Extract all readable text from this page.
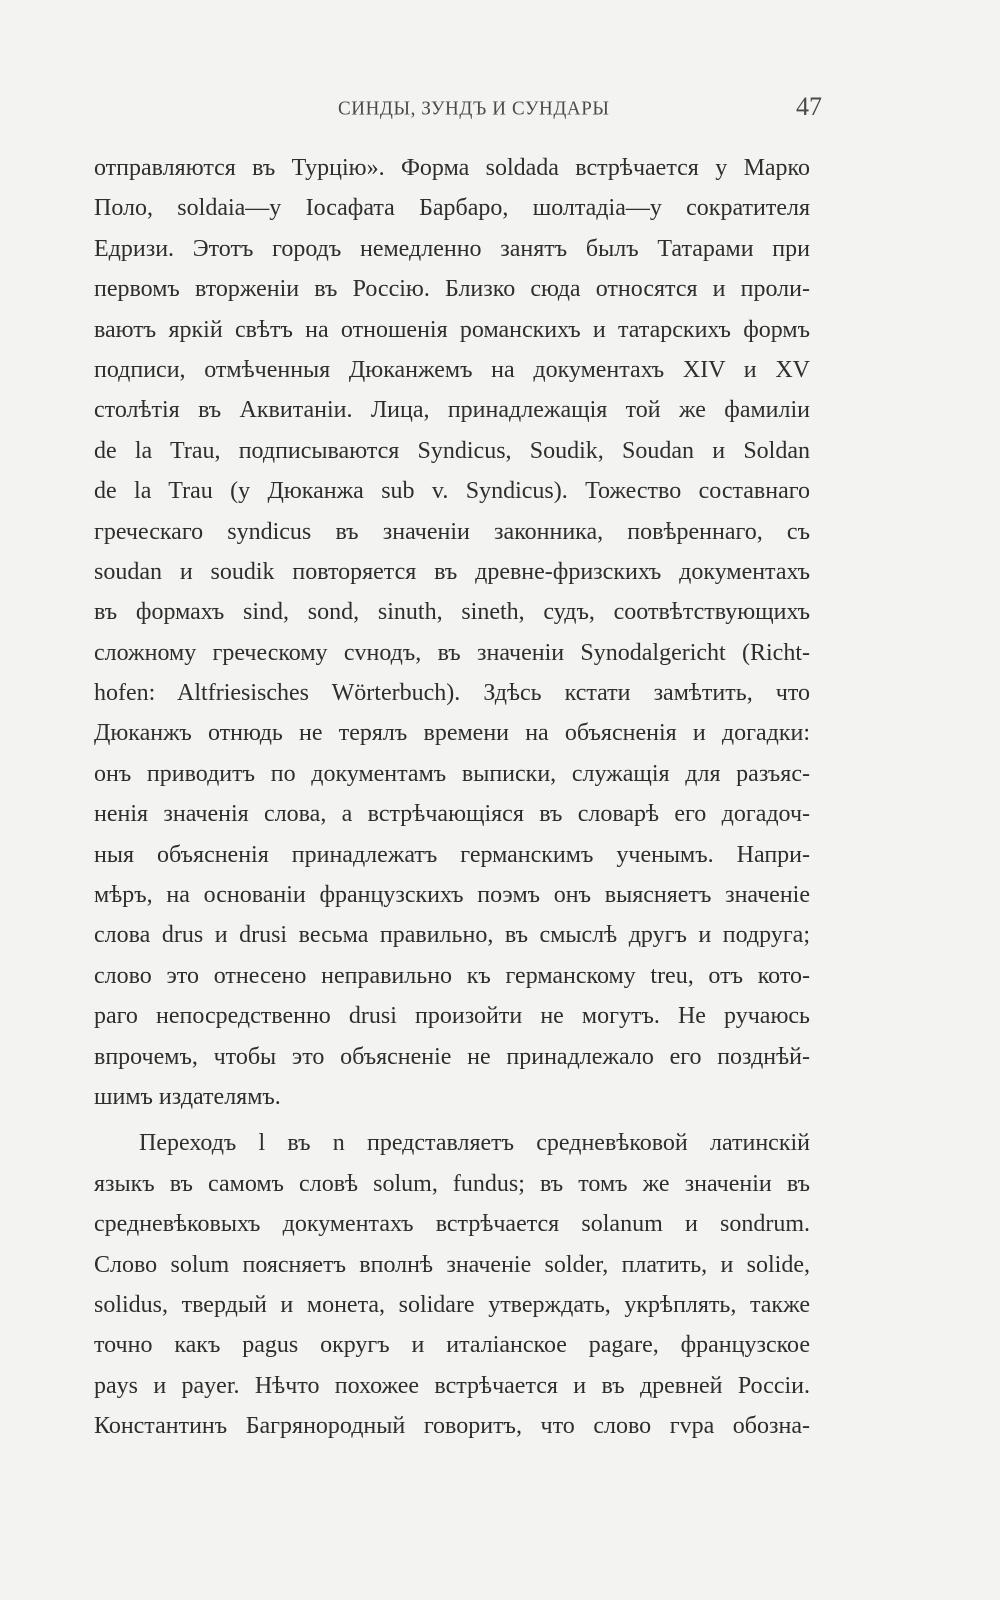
СИНДЫ, ЗУНДЪ И СУНДАРЫ	47
отправляются въ Турцію». Форма soldada встрѣчается у Марко
Поло, soldaia—у Іосафата Барбаро, шолтадіа—у сократителя
Едризи. Этотъ городъ немедленно занятъ былъ Татарами при
первомъ вторженіи въ Россію. Близко сюда относятся и проли-
ваютъ яркій свѣтъ на отношенія романскихъ и татарскихъ формъ
подписи, отмѣченныя Дюканжемъ на документахъ XIV и XV
столѣтія въ Аквитаніи. Лица, принадлежащія той же фамиліи
de la Trau, подписываются Syndicus, Soudik, Soudan и Soldan
de la Trau (у Дюканжа sub v. Syndicus). Тожество составнаго
греческаго syndicus въ значеніи законника, повѣреннаго, съ
soudan и soudik повторяется въ древне-фризскихъ документахъ
въ формахъ sind, sond, sinuth, sineth, судъ, соотвѣтствующихъ
сложному греческому сvнодъ, въ значеніи Synodalgericht (Richt-
hofen: Altfriesisches Wörterbuch). Здѣсь кстати замѣтить, что
Дюканжъ отнюдь не терялъ времени на объясненія и догадки:
онъ приводитъ по документамъ выписки, служащія для разъяс-
ненія значенія слова, а встрѣчающіяся въ словарѣ его догадоч-
ныя объясненія принадлежатъ германскимъ ученымъ. Напри-
мѣръ, на основаніи французскихъ поэмъ онъ выясняетъ значеніе
слова drus и drusi весьма правильно, въ смыслѣ другъ и подруга;
слово это отнесено неправильно къ германскому treu, отъ кото-
раго непосредственно drusi произойти не могутъ. Не ручаюсь
впрочемъ, чтобы это объясненіе не принадлежало его позднѣй-
шимъ издателямъ.
Переходъ l въ n представляетъ средневѣковой латинскій
языкъ въ самомъ словѣ solum, fundus; въ томъ же значеніи въ
средневѣковыхъ документахъ встрѣчается solanum и sondrum.
Слово solum поясняетъ вполнѣ значеніе solder, платить, и solide,
solidus, твердый и монета, solidare утверждать, укрѣплять, также
точно какъ pagus округъ и италіанское pagare, французское
pays и payer. Нѣчто похожее встрѣчается и въ древней Россіи.
Константинъ Багрянородный говоритъ, что слово гvра обозна-
